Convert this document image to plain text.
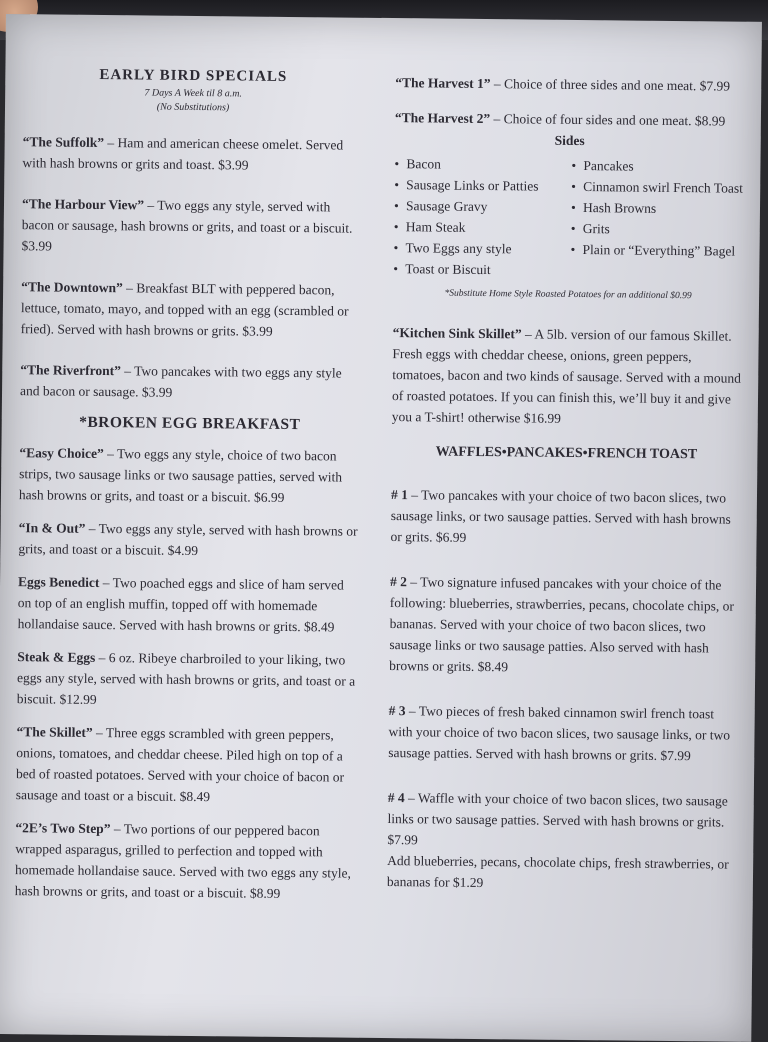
EARLY BIRD SPECIALS

7 Days A Week til 8 a.m.

(No Substitutions)

“The Suffolk” – Ham and american cheese omelet. Served with hash browns or grits and toast. $3.99

“The Harbour View” – Two eggs any style, served with bacon or sausage, hash browns or grits, and toast or a biscuit. $3.99

“The Downtown” – Breakfast BLT with peppered bacon, lettuce, tomato, mayo, and topped with an egg (scrambled or fried). Served with hash browns or grits. $3.99

“The Riverfront” – Two pancakes with two eggs any style and bacon or sausage. $3.99

*BROKEN EGG BREAKFAST

“Easy Choice” – Two eggs any style, choice of two bacon strips, two sausage links or two sausage patties, served with hash browns or grits, and toast or a biscuit. $6.99

“In & Out” – Two eggs any style, served with hash browns or grits, and toast or a biscuit. $4.99

Eggs Benedict – Two poached eggs and slice of ham served on top of an english muffin, topped off with homemade hollandaise sauce. Served with hash browns or grits. $8.49

Steak & Eggs – 6 oz. Ribeye charbroiled to your liking, two eggs any style, served with hash browns or grits, and toast or a biscuit. $12.99

“The Skillet” – Three eggs scrambled with green peppers, onions, tomatoes, and cheddar cheese. Piled high on top of a bed of roasted potatoes. Served with your choice of bacon or sausage and toast or a biscuit. $8.49

“2E’s Two Step” – Two portions of our peppered bacon wrapped asparagus, grilled to perfection and topped with homemade hollandaise sauce. Served with two eggs any style, hash browns or grits, and toast or a biscuit. $8.99

“The Harvest 1” – Choice of three sides and one meat. $7.99

“The Harvest 2” – Choice of four sides and one meat. $8.99

Sides

• Bacon
• Sausage Links or Patties
• Sausage Gravy
• Ham Steak
• Two Eggs any style
• Toast or Biscuit
• Pancakes
• Cinnamon swirl French Toast
• Hash Browns
• Grits
• Plain or “Everything” Bagel

*Substitute Home Style Roasted Potatoes for an additional $0.99

“Kitchen Sink Skillet” – A 5lb. version of our famous Skillet. Fresh eggs with cheddar cheese, onions, green peppers, tomatoes, bacon and two kinds of sausage. Served with a mound of roasted potatoes. If you can finish this, we’ll buy it and give you a T-shirt! otherwise $16.99

WAFFLES•PANCAKES•FRENCH TOAST

# 1 – Two pancakes with your choice of two bacon slices, two sausage links, or two sausage patties. Served with hash browns or grits. $6.99

# 2 – Two signature infused pancakes with your choice of the following: blueberries, strawberries, pecans, chocolate chips, or bananas. Served with your choice of two bacon slices, two sausage links or two sausage patties. Also served with hash browns or grits. $8.49

# 3 – Two pieces of fresh baked cinnamon swirl french toast with your choice of two bacon slices, two sausage links, or two sausage patties. Served with hash browns or grits. $7.99

# 4 – Waffle with your choice of two bacon slices, two sausage links or two sausage patties. Served with hash browns or grits. $7.99

Add blueberries, pecans, chocolate chips, fresh strawberries, or bananas for $1.29
